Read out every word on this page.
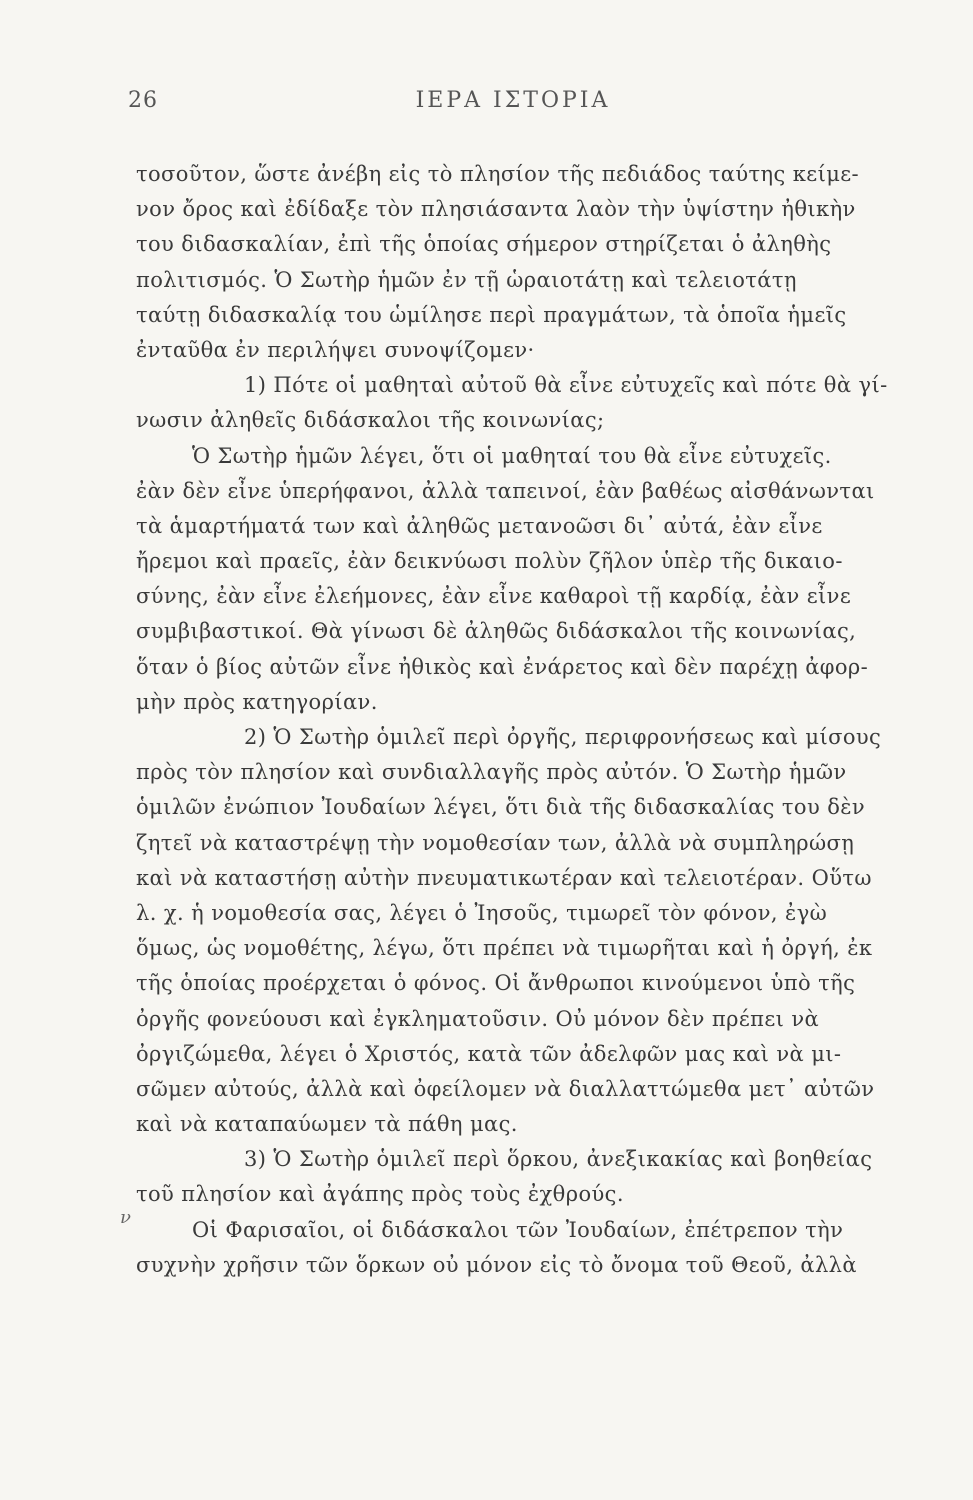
26	ΙΕΡΑ ΙΣΤΟΡΙΑ
ν
τοσοῦτον, ὥστε ἀνέβη εἰς τὸ πλησίον τῆς πεδιάδος ταύτης κείμε-
νον ὄρος καὶ ἐδίδαξε τὸν πλησιάσαντα λαὸν τὴν ὑψίστην ἠθικὴν
του διδασκαλίαν, ἐπὶ τῆς ὁποίας σήμερον στηρίζεται ὁ ἀληθὴς
πολιτισμός. Ὁ Σωτὴρ ἡμῶν ἐν τῇ ὡραιοτάτῃ καὶ τελειοτάτῃ
ταύτῃ διδασκαλίᾳ του ὡμίλησε περὶ πραγμάτων, τὰ ὁποῖα ἡμεῖς
ἐνταῦθα ἐν περιλήψει συνοψίζομεν·
1) Πότε οἱ μαθηταὶ αὐτοῦ θὰ εἶνε εὐτυχεῖς καὶ πότε θὰ γί-
νωσιν ἀληθεῖς διδάσκαλοι τῆς κοινωνίας;
Ὁ Σωτὴρ ἡμῶν λέγει, ὅτι οἱ μαθηταί του θὰ εἶνε εὐτυχεῖς.
ἐὰν δὲν εἶνε ὑπερήφανοι, ἀλλὰ ταπεινοί, ἐὰν βαθέως αἰσθάνωνται
τὰ ἁμαρτήματά των καὶ ἀληθῶς μετανοῶσι δι᾿ αὐτά, ἐὰν εἶνε
ἤρεμοι καὶ πραεῖς, ἐὰν δεικνύωσι πολὺν ζῆλον ὑπὲρ τῆς δικαιο-
σύνης, ἐὰν εἶνε ἐλεήμονες, ἐὰν εἶνε καθαροὶ τῇ καρδίᾳ, ἐὰν εἶνε
συμβιβαστικοί. Θὰ γίνωσι δὲ ἀληθῶς διδάσκαλοι τῆς κοινωνίας,
ὅταν ὁ βίος αὐτῶν εἶνε ἠθικὸς καὶ ἐνάρετος καὶ δὲν παρέχῃ ἀφορ-
μὴν πρὸς κατηγορίαν.
2) Ὁ Σωτὴρ ὁμιλεῖ περὶ ὀργῆς, περιφρονήσεως καὶ μίσους
πρὸς τὸν πλησίον καὶ συνδιαλλαγῆς πρὸς αὐτόν. Ὁ Σωτὴρ ἡμῶν
ὁμιλῶν ἐνώπιον Ἰουδαίων λέγει, ὅτι διὰ τῆς διδασκαλίας του δὲν
ζητεῖ νὰ καταστρέψῃ τὴν νομοθεσίαν των, ἀλλὰ νὰ συμπληρώσῃ
καὶ νὰ καταστήσῃ αὐτὴν πνευματικωτέραν καὶ τελειοτέραν. Οὕτω
λ. χ. ἡ νομοθεσία σας, λέγει ὁ Ἰησοῦς, τιμωρεῖ τὸν φόνον, ἐγὼ
ὅμως, ὡς νομοθέτης, λέγω, ὅτι πρέπει νὰ τιμωρῆται καὶ ἡ ὀργή, ἐκ
τῆς ὁποίας προέρχεται ὁ φόνος. Οἱ ἄνθρωποι κινούμενοι ὑπὸ τῆς
ὀργῆς φονεύουσι καὶ ἐγκληματοῦσιν. Οὐ μόνον δὲν πρέπει νὰ
ὀργιζώμεθα, λέγει ὁ Χριστός, κατὰ τῶν ἀδελφῶν μας καὶ νὰ μι-
σῶμεν αὐτούς, ἀλλὰ καὶ ὀφείλομεν νὰ διαλλαττώμεθα μετ᾿ αὐτῶν
καὶ νὰ καταπαύωμεν τὰ πάθη μας.
3) Ὁ Σωτὴρ ὁμιλεῖ περὶ ὅρκου, ἀνεξικακίας καὶ βοηθείας
τοῦ πλησίον καὶ ἀγάπης πρὸς τοὺς ἐχθρούς.
Οἱ Φαρισαῖοι, οἱ διδάσκαλοι τῶν Ἰουδαίων, ἐπέτρεπον τὴν
συχνὴν χρῆσιν τῶν ὅρκων οὐ μόνον εἰς τὸ ὄνομα τοῦ Θεοῦ, ἀλλὰ
